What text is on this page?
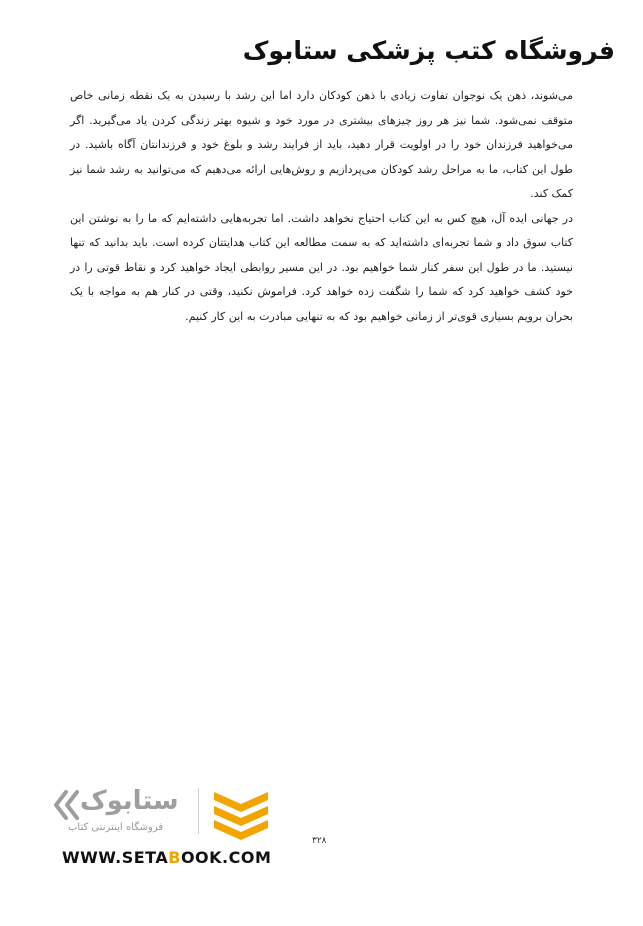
فروشگاه کتب پزشکی ستابوک

می‌شوند، ذهن یک نوجوان تفاوت زیادی با ذهن کودکان دارد اما این رشد با رسیدن به یک نقطه زمانی خاص متوقف نمی‌شود. شما نیز هر روز چیزهای بیشتری در مورد خود و شیوه بهتر زندگی کردن یاد می‌گیرید. اگر می‌خواهید فرزندان خود را در اولویت قرار دهید، باید از فرایند رشد و بلوغ خود و فرزندانتان آگاه باشید. در طول این کتاب، ما به مراحل رشد کودکان می‌پردازیم و روش‌هایی ارائه می‌دهیم که می‌توانید به رشد شما نیز کمک کند.

در جهانی ایده آل، هیچ کس به این کتاب احتیاج نخواهد داشت. اما تجربه‌هایی داشته‌ایم که ما را به نوشتن این کتاب سوق داد و شما تجربه‌ای داشته‌اید که به سمت مطالعه این کتاب هدایتتان کرده است. باید بدانید که تنها نیستید. ما در طول این سفر کنار شما خواهیم بود. در این مسیر روابطی ایجاد خواهید کرد و نقاط قوتی را در خود کشف خواهید کرد که شما را شگفت زده خواهد کرد. فراموش نکنید، وقتی در کنار هم به مواجه با یک بحران برویم بسیاری قوی‌تر از زمانی خواهیم بود که به تنهایی مبادرت به این کار کنیم.

ستابوک
فروشگاه اینترنتی کتاب
۳۲۸
WWW.SETABOOK.COM
